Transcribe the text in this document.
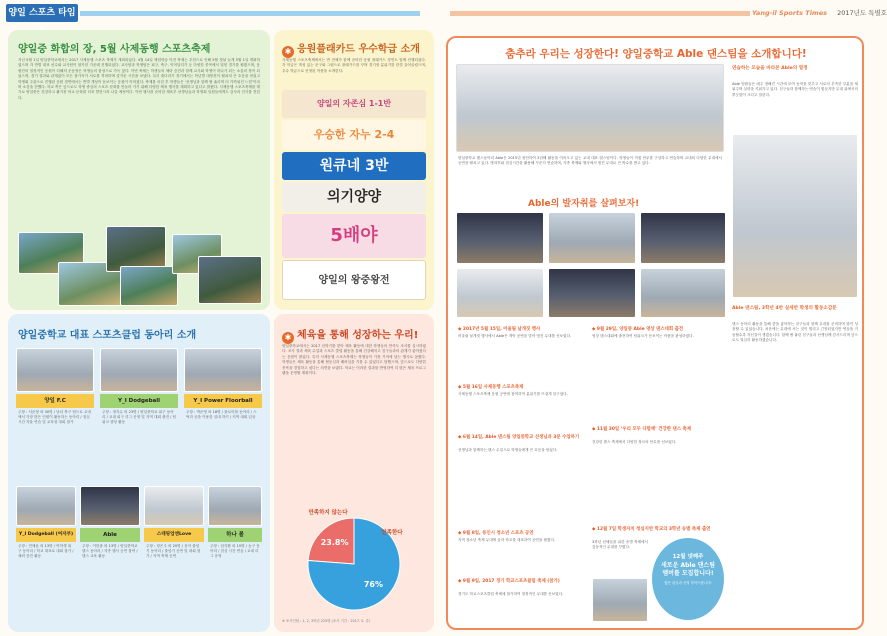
양일 스포츠 타임	Yang-il Sports Times 2017년도 특별호
양일중 화합의 장, 5월 사제동행 스포츠축제
지난 5월 1일 양일중학교에서는 2017 사제동행 스포츠 축제가 개최되었다. 4월 14일 체험학습 이전 축제는 우천으로 인해 5월 첫날 늦게 5월 1일 개최하였으며 각 반별 대표 선수와 교사팀이 참가한 가운데 진행되었다. 교사팀과 학생팀은 피구, 축구, 이어달리기 등 다양한 종목에서 열띤 경기를 펼쳤으며, 응원단의 열정적인 응원이 더해져 운동장은 학생들의 함성으로 가득 찼다. 이번 축제는 학생들의 체력 증진과 함께 교사와 학생이 하나가 되는 소통의 장이 되었으며, 경기 결과와 관계없이 모든 참가자가 서로를 격려하며 즐거운 시간을 보냈다. 특히 줄다리기 경기에서는 학년별 대항전이 펼쳐져 큰 호응을 얻었고 학생회 주관으로 진행된 응원 경연에서는 반별 개성이 돋보이는 응원이 이어졌다. 축제를 마친 후 학생들은 ‘선생님과 함께 땀 흘리며 더 가까워진 느낌’이라며 소감을 전했다. 학교 측은 앞으로도 학생 중심의 스포츠 문화를 만들어 가기 위해 다양한 체육 행사를 계획하고 있다고 밝혔다. 사제동행 스포츠축제를 계기로 양일중은 건강하고 활기찬 학교 문화를 더욱 발전시켜 나갈 예정이다. 이번 행사를 준비한 체육부 선생님들과 학생회 임원들에게도 감사의 인사를 전한다.
✱ 응원플래카드 우수학급 소개
사제동행 스포츠축제에서는 반 전체가 함께 준비한 응원 플래카드 경연도 함께 진행되었다. 각 학급은 개성 있는 문구와 그림으로 플래카드를 꾸며 경기장 분위기를 한껏 끌어올렸으며, 우수 학급으로 선정된 작품을 소개한다.
양일의 자존심 1-1반
우승한 자누 2-4
원큐네 3반
의기양양
5배야
양일의 왕중왕전
양일중학교 대표 스포츠클럽 동아리 소개
양일 F.C	Y_I Dodgeball	Y_I Power Floorball
주장 : 서준형 외 30명 / 남녀 축구 팀으로 교내에서 가장 많은 인원이 활동하는 동아리 / 점심시간 자율 연습 및 교육청 대회 참가
주장 : 정지수 외 23명 / 양일중학교 피구 동아리 / 교내 피구 리그 운영 및 지역 대회 출전 / 팀워크 향상 활동
주장 : 박준영 외 18명 / 플로어볼 동아리 / 스틱과 공을 이용한 실내 하키 / 지역 대회 입상
Y_I Dodgeball (여자부)	Able	스테핑업앤Love	하나 볼
주장 : 민채윤 외 13명 / 여학생 피구 동아리 / 학교 대표로 대회 참가 / 체력 증진 활동
주장 : 이한솔 외 13명 / 양일중학교 댄스 동아리 / 각종 행사 공연 참여 / 댄스 교육 활동
주장 : 장은주 외 20명 / 음악 줄넘기 동아리 / 줄넘기 공연 및 대회 참가 / 지역 축제 공연
주장 : 임지환 외 15명 / 농구 동아리 / 점심 시간 연습 / 교내 리그 운영
✱ 체육을 통해 성장하는 우리!
양일중학교에서는 2017 신학기를 맞아 체육 활동에 대한 학생들의 만족도 조사를 실시하였다. 조사 결과 체육 수업과 스포츠 클럽 활동을 통해 건강해지고 친구들과의 관계가 좋아졌다는 응답이 많았다. 특히 사제동행 스포츠축제는 학생들이 가장 기억에 남는 행사로 꼽혔다. 학생들은 체육 활동을 통해 협동심과 배려심을 기를 수 있었다고 답했으며, 앞으로도 다양한 종목을 경험하고 싶다는 의견을 보였다. 학교는 이러한 결과를 반영하여 더 많은 체육 프로그램을 운영할 계획이다.
23.8%
76%
만족한다
만족하지 않는다
※ 조사인원 : 1, 2, 3학년 225명 (조사 기간 : 2017. 5. 중)
춤추라 우리는 성장한다! 양일중학교 Able 댄스팀을 소개합니다!
양일중학교 댄스동아리 Able은 2015년 창단하여 3년째 활동을 이어오고 있는 교내 대표 댄스팀이다. 학생들이 직접 안무를 구상하고 연습하며 교내외 다양한 무대에서 공연을 펼치고 있다. 방과후와 점심시간을 활용해 꾸준히 연습하며, 각종 축제와 행사에서 멋진 무대로 큰 박수를 받고 있다.
연습하는 모습을 바라본 Able의 열정
Able 팀원들은 매주 정해진 시간에 모여 동작을 맞추고 서로의 부족한 부분을 채워주며 실력을 키워가고 있다. 친구들과 함께하는 연습이 힘들지만 무대 위에서의 뿌듯함이 크다고 말한다.
Able 댄스팀, 3학년 4반 실세반 학생의 활동소감문
댄스 동아리 활동을 통해 춤을 좋아하는 친구들과 함께 무대를 준비하며 많이 성장할 수 있었습니다. 처음에는 무대에 서는 것이 떨리고 긴장되었지만 연습을 거듭할수록 자신감이 생겼습니다. 함께 땀 흘린 친구들과 선생님께 감사드리며 앞으로도 열심히 활동하겠습니다.
Able의 발자취를 살펴보자!
◆ 2017년 5월 15일, 어울림 날개짓 행사
어울림 날개짓 행사에서 Able은 개막 공연을 맡아 멋진 무대를 선보였다.
◆ 5월 16일 사제동행 스포츠축제
사제동행 스포츠축제 응원 공연에 참여하여 분위기를 뜨겁게 달구었다.
◆ 6월 14일, Able 댄스팀 양일중학교 선생님과 3분 수업하기
선생님과 함께하는 댄스 수업으로 학생들에게 큰 호응을 얻었다.
◆ 9월 8일, 용인시 청소년 스포츠 공연
지역 청소년 축제 무대에 올라 학교를 대표하여 공연을 펼쳤다.
◆ 9월 9일, 2017 경기 학교스포츠클럽 축제 (참가)
경기도 학교스포츠클럽 축제에 참가하여 열정적인 무대를 선보였다.
◆ 9월 29일, 양일중 Able 영상 댄스대회 출전
영상 댄스대회에 출전하여 팀워크가 돋보이는 작품을 완성하였다.
◆ 11월 30일 ‘우리 모두 다함께’ 건강한 댄스 축제
건강한 댄스 축제에서 다양한 장르의 안무를 선보였다.
◆ 12월 7일 학생자치 청심지반 학교의 3학년 송별 축제 출연
3학년 선배들을 위한 송별 축제에서 감동적인 무대를 꾸몄다.
12월 넷째주
새로운 Able 댄스팀 멤버를 모집합니다!
많은 관심과 신청 부탁드립니다!
